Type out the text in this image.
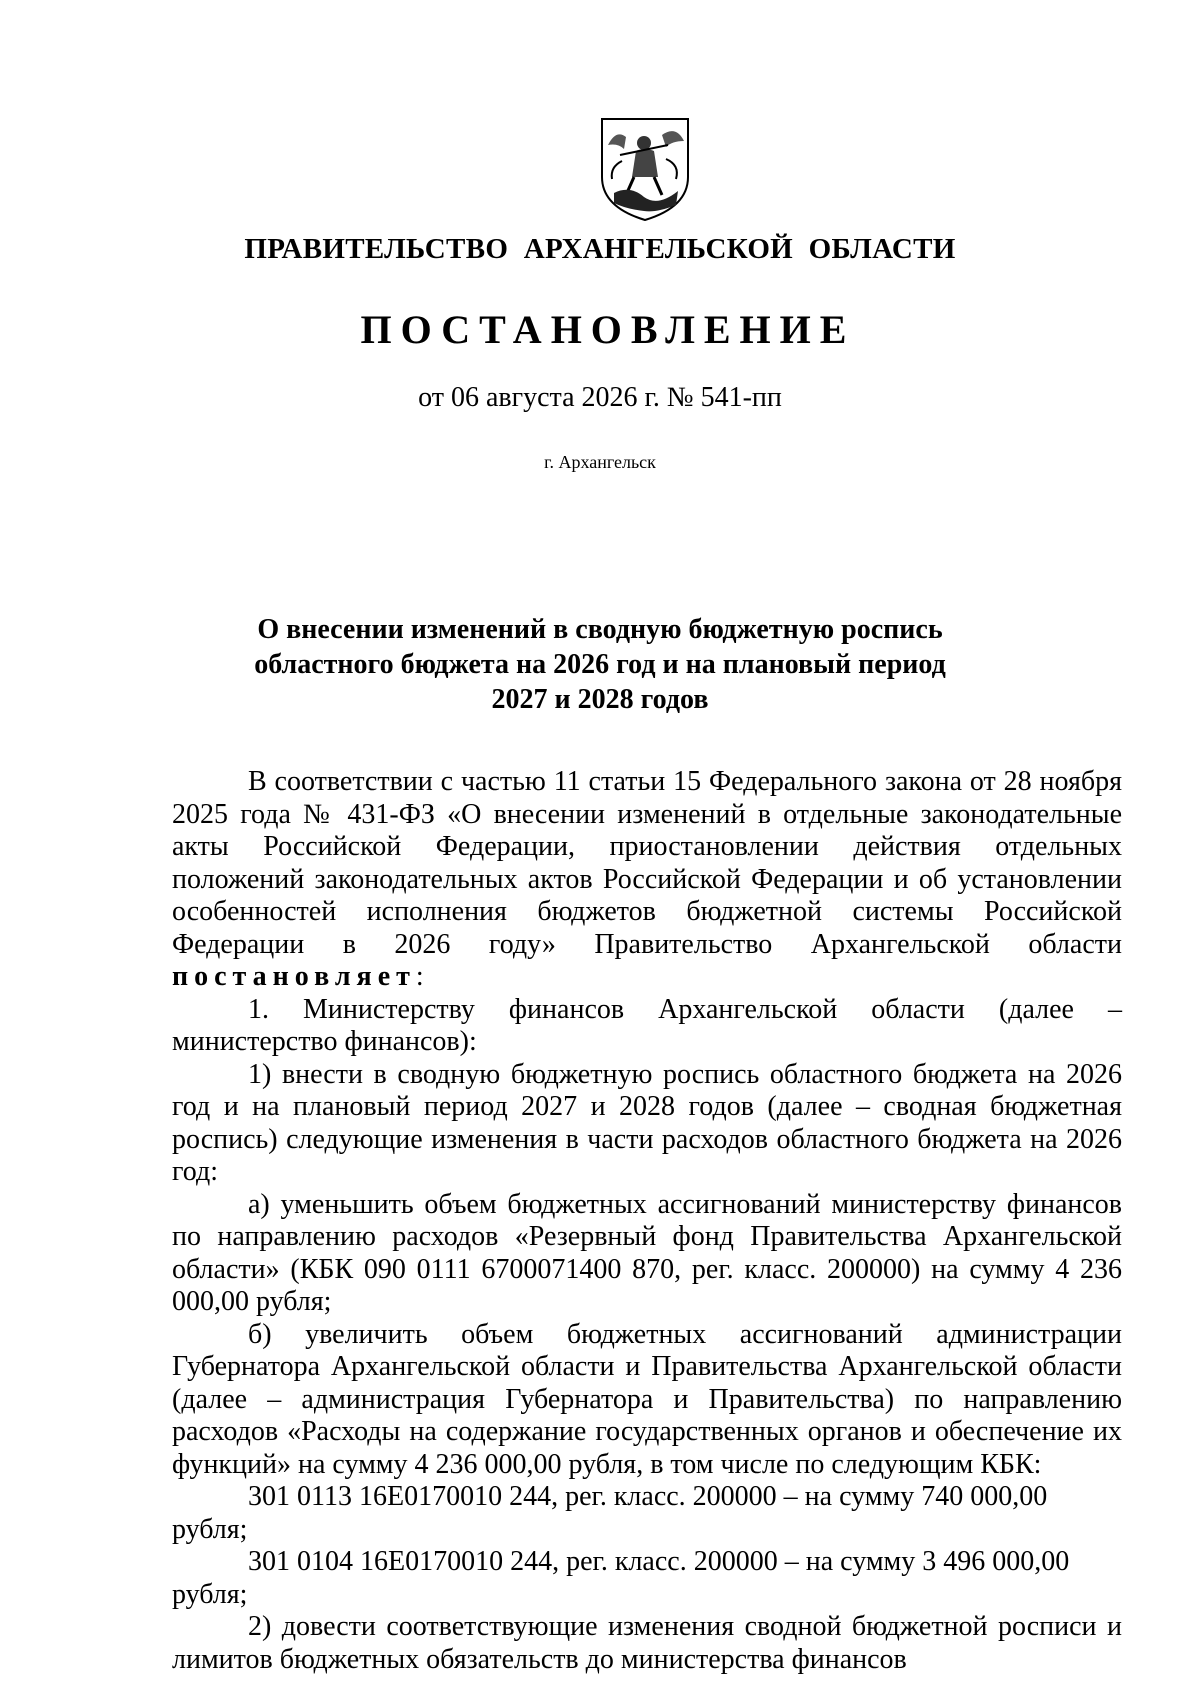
ПРАВИТЕЛЬСТВО АРХАНГЕЛЬСКОЙ ОБЛАСТИ
ПОСТАНОВЛЕНИЕ
от 06 августа 2026 г. № 541-пп
г. Архангельск
О внесении изменений в сводную бюджетную роспись
областного бюджета на 2026 год и на плановый период
2027 и 2028 годов

В соответствии с частью 11 статьи 15 Федерального закона от 28 ноября 2025 года № 431-ФЗ «О внесении изменений в отдельные законодательные акты Российской Федерации, приостановлении действия отдельных положений законодательных актов Российской Федерации и об установлении особенностей исполнения бюджетов бюджетной системы Российской Федерации в 2026 году» Правительство Архангельской области постановляет:

1. Министерству финансов Архангельской области (далее – министерство финансов):

1) внести в сводную бюджетную роспись областного бюджета на 2026 год и на плановый период 2027 и 2028 годов (далее – сводная бюджетная роспись) следующие изменения в части расходов областного бюджета на 2026 год:

а) уменьшить объем бюджетных ассигнований министерству финансов по направлению расходов «Резервный фонд Правительства Архангельской области» (КБК 090 0111 6700071400 870, рег. класс. 200000) на сумму 4 236 000,00 рубля;

б) увеличить объем бюджетных ассигнований администрации Губернатора Архангельской области и Правительства Архангельской области (далее – администрация Губернатора и Правительства) по направлению расходов «Расходы на содержание государственных органов и обеспечение их функций» на сумму 4 236 000,00 рубля, в том числе по следующим КБК:

301 0113 16Е0170010 244, рег. класс. 200000 – на сумму 740 000,00 рубля;

301 0104 16Е0170010 244, рег. класс. 200000 – на сумму 3 496 000,00 рубля;

2) довести соответствующие изменения сводной бюджетной росписи и лимитов бюджетных обязательств до министерства финансов
